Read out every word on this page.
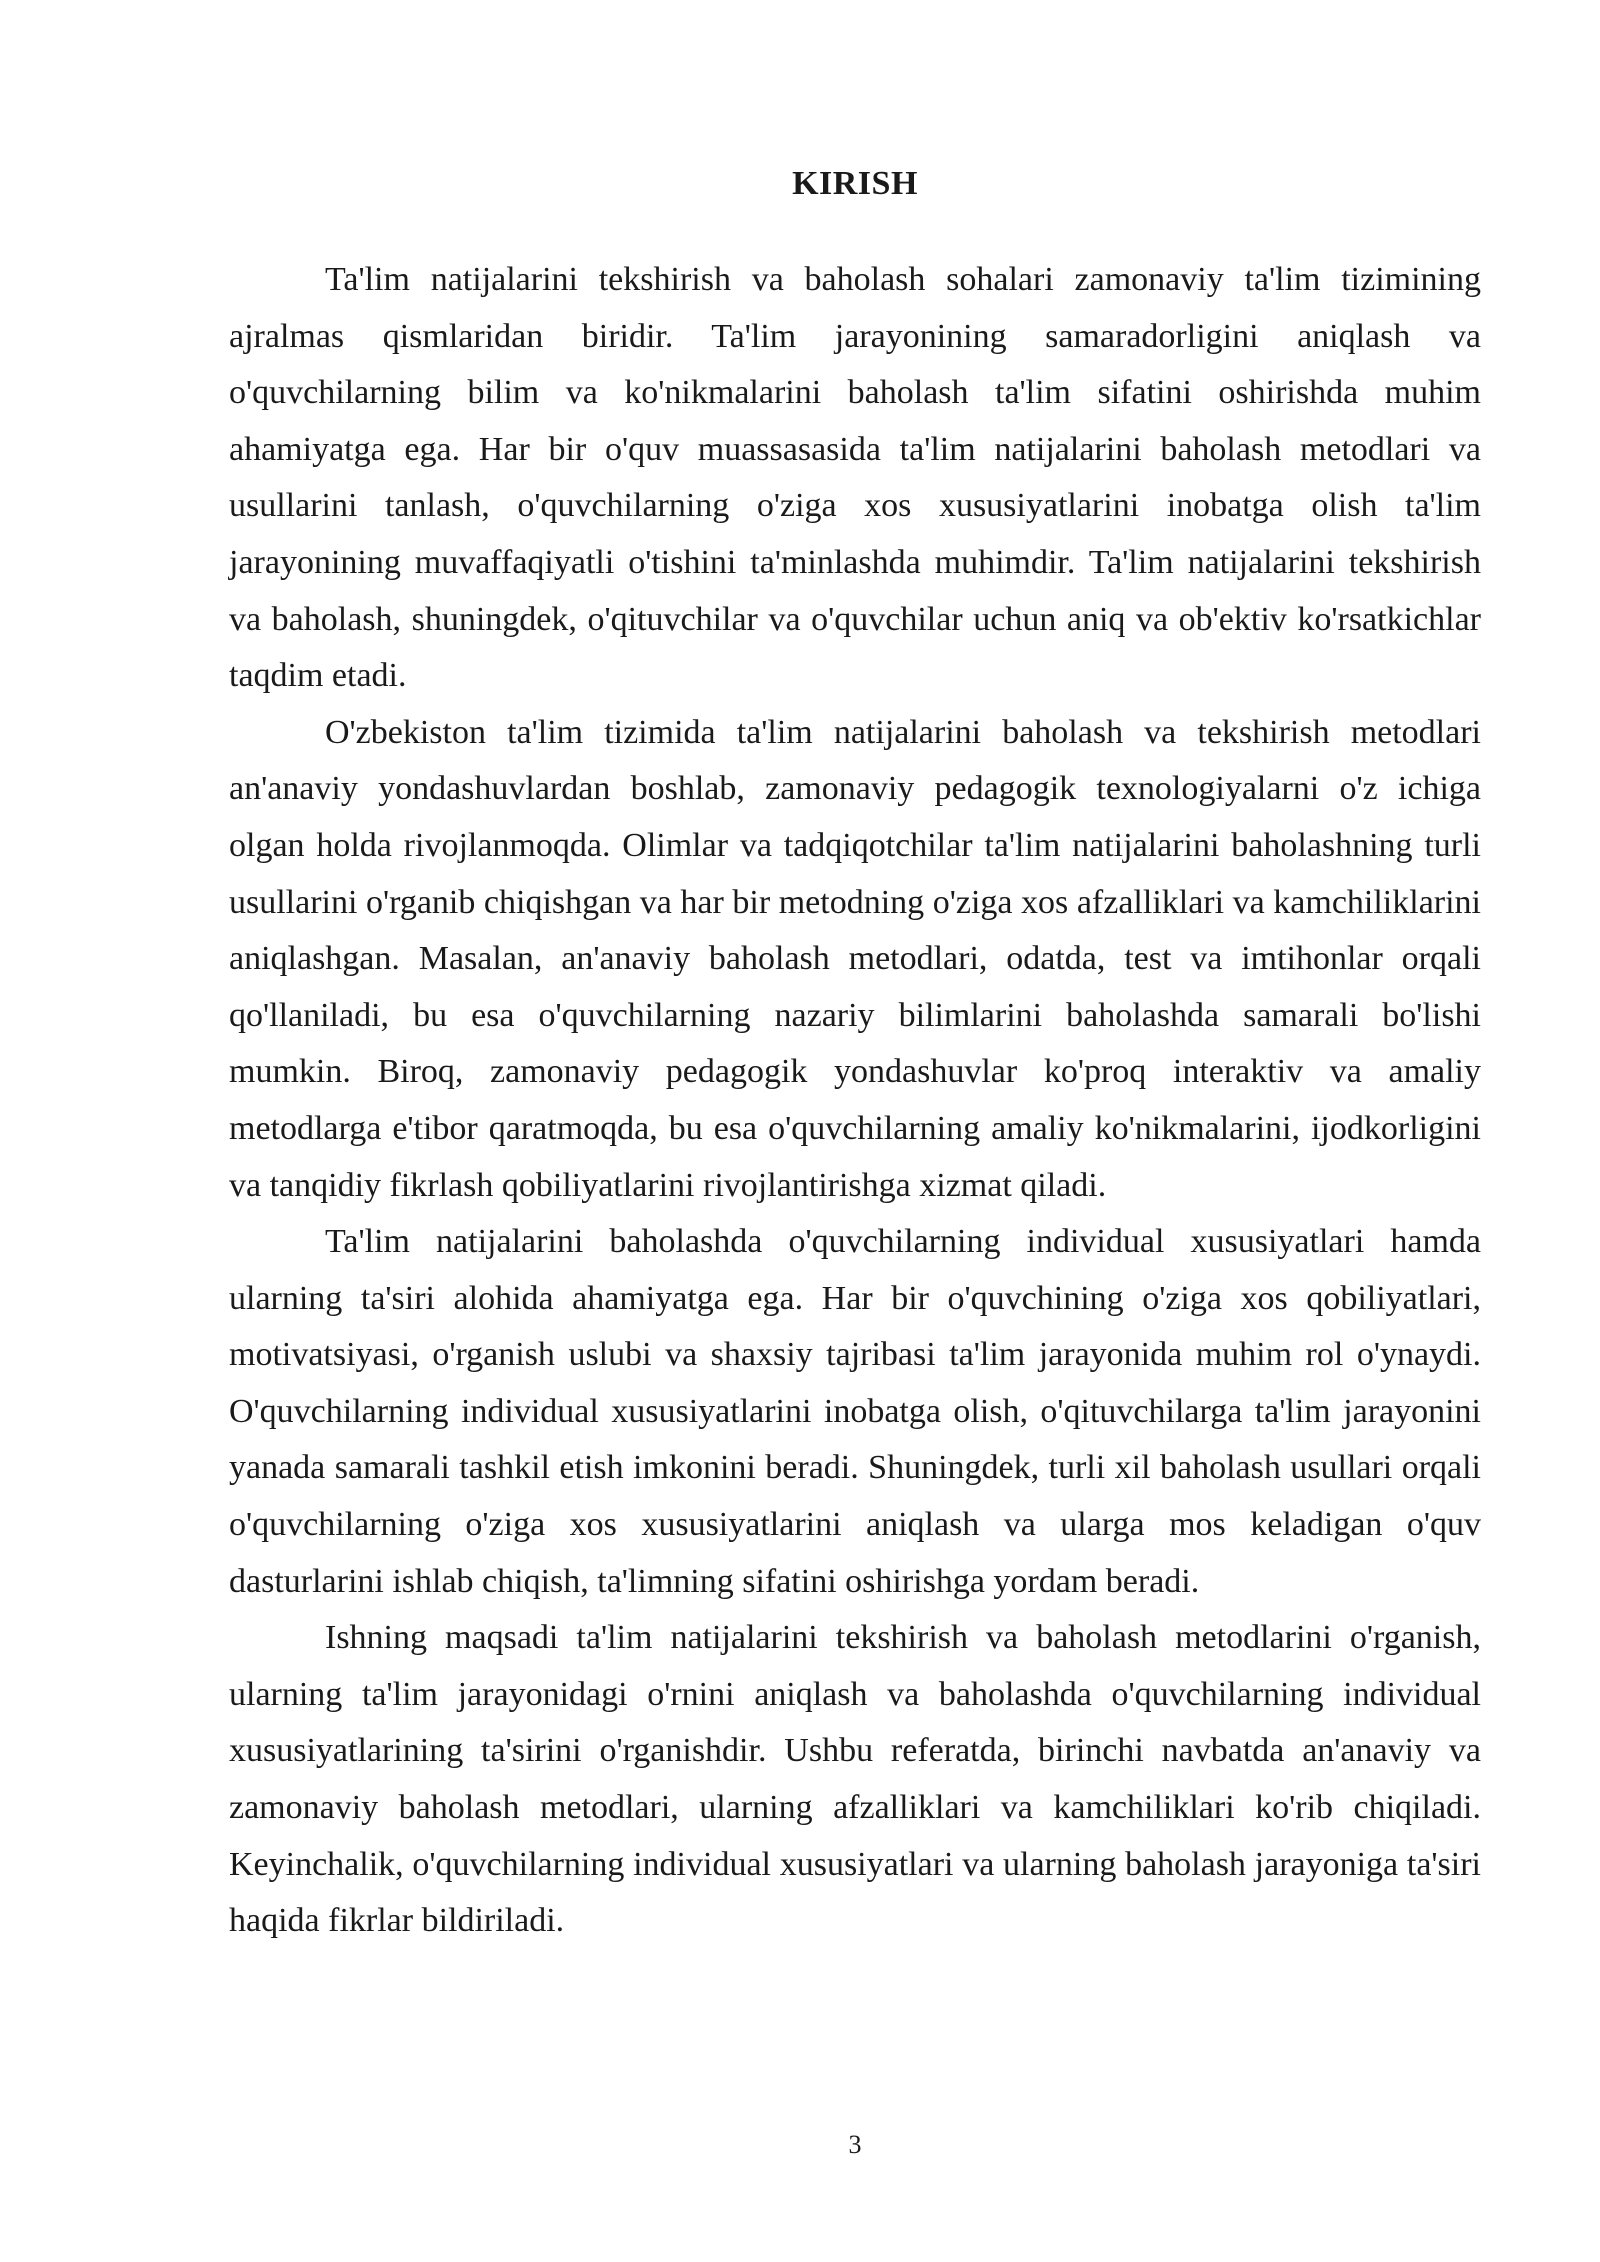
KIRISH

Ta'lim natijalarini tekshirish va baholash sohalari zamonaviy ta'lim tizimining ajralmas qismlaridan biridir. Ta'lim jarayonining samaradorligini aniqlash va o'quvchilarning bilim va ko'nikmalarini baholash ta'lim sifatini oshirishda muhim ahamiyatga ega. Har bir o'quv muassasasida ta'lim natijalarini baholash metodlari va usullarini tanlash, o'quvchilarning o'ziga xos xususiyatlarini inobatga olish ta'lim jarayonining muvaffaqiyatli o'tishini ta'minlashda muhimdir. Ta'lim natijalarini tekshirish va baholash, shuningdek, o'qituvchilar va o'quvchilar uchun aniq va ob'ektiv ko'rsatkichlar taqdim etadi.

O'zbekiston ta'lim tizimida ta'lim natijalarini baholash va tekshirish metodlari an'anaviy yondashuvlardan boshlab, zamonaviy pedagogik texnologiyalarni o'z ichiga olgan holda rivojlanmoqda. Olimlar va tadqiqotchilar ta'lim natijalarini baholashning turli usullarini o'rganib chiqishgan va har bir metodning o'ziga xos afzalliklari va kamchiliklarini aniqlashgan. Masalan, an'anaviy baholash metodlari, odatda, test va imtihonlar orqali qo'llaniladi, bu esa o'quvchilarning nazariy bilimlarini baholashda samarali bo'lishi mumkin. Biroq, zamonaviy pedagogik yondashuvlar ko'proq interaktiv va amaliy metodlarga e'tibor qaratmoqda, bu esa o'quvchilarning amaliy ko'nikmalarini, ijodkorligini va tanqidiy fikrlash qobiliyatlarini rivojlantirishga xizmat qiladi.

Ta'lim natijalarini baholashda o'quvchilarning individual xususiyatlari hamda ularning ta'siri alohida ahamiyatga ega. Har bir o'quvchining o'ziga xos qobiliyatlari, motivatsiyasi, o'rganish uslubi va shaxsiy tajribasi ta'lim jarayonida muhim rol o'ynaydi. O'quvchilarning individual xususiyatlarini inobatga olish, o'qituvchilarga ta'lim jarayonini yanada samarali tashkil etish imkonini beradi. Shuningdek, turli xil baholash usullari orqali o'quvchilarning o'ziga xos xususiyatlarini aniqlash va ularga mos keladigan o'quv dasturlarini ishlab chiqish, ta'limning sifatini oshirishga yordam beradi.

Ishning maqsadi ta'lim natijalarini tekshirish va baholash metodlarini o'rganish, ularning ta'lim jarayonidagi o'rnini aniqlash va baholashda o'quvchilarning individual xususiyatlarining ta'sirini o'rganishdir. Ushbu referatda, birinchi navbatda an'anaviy va zamonaviy baholash metodlari, ularning afzalliklari va kamchiliklari ko'rib chiqiladi. Keyinchalik, o'quvchilarning individual xususiyatlari va ularning baholash jarayoniga ta'siri haqida fikrlar bildiriladi.

3
